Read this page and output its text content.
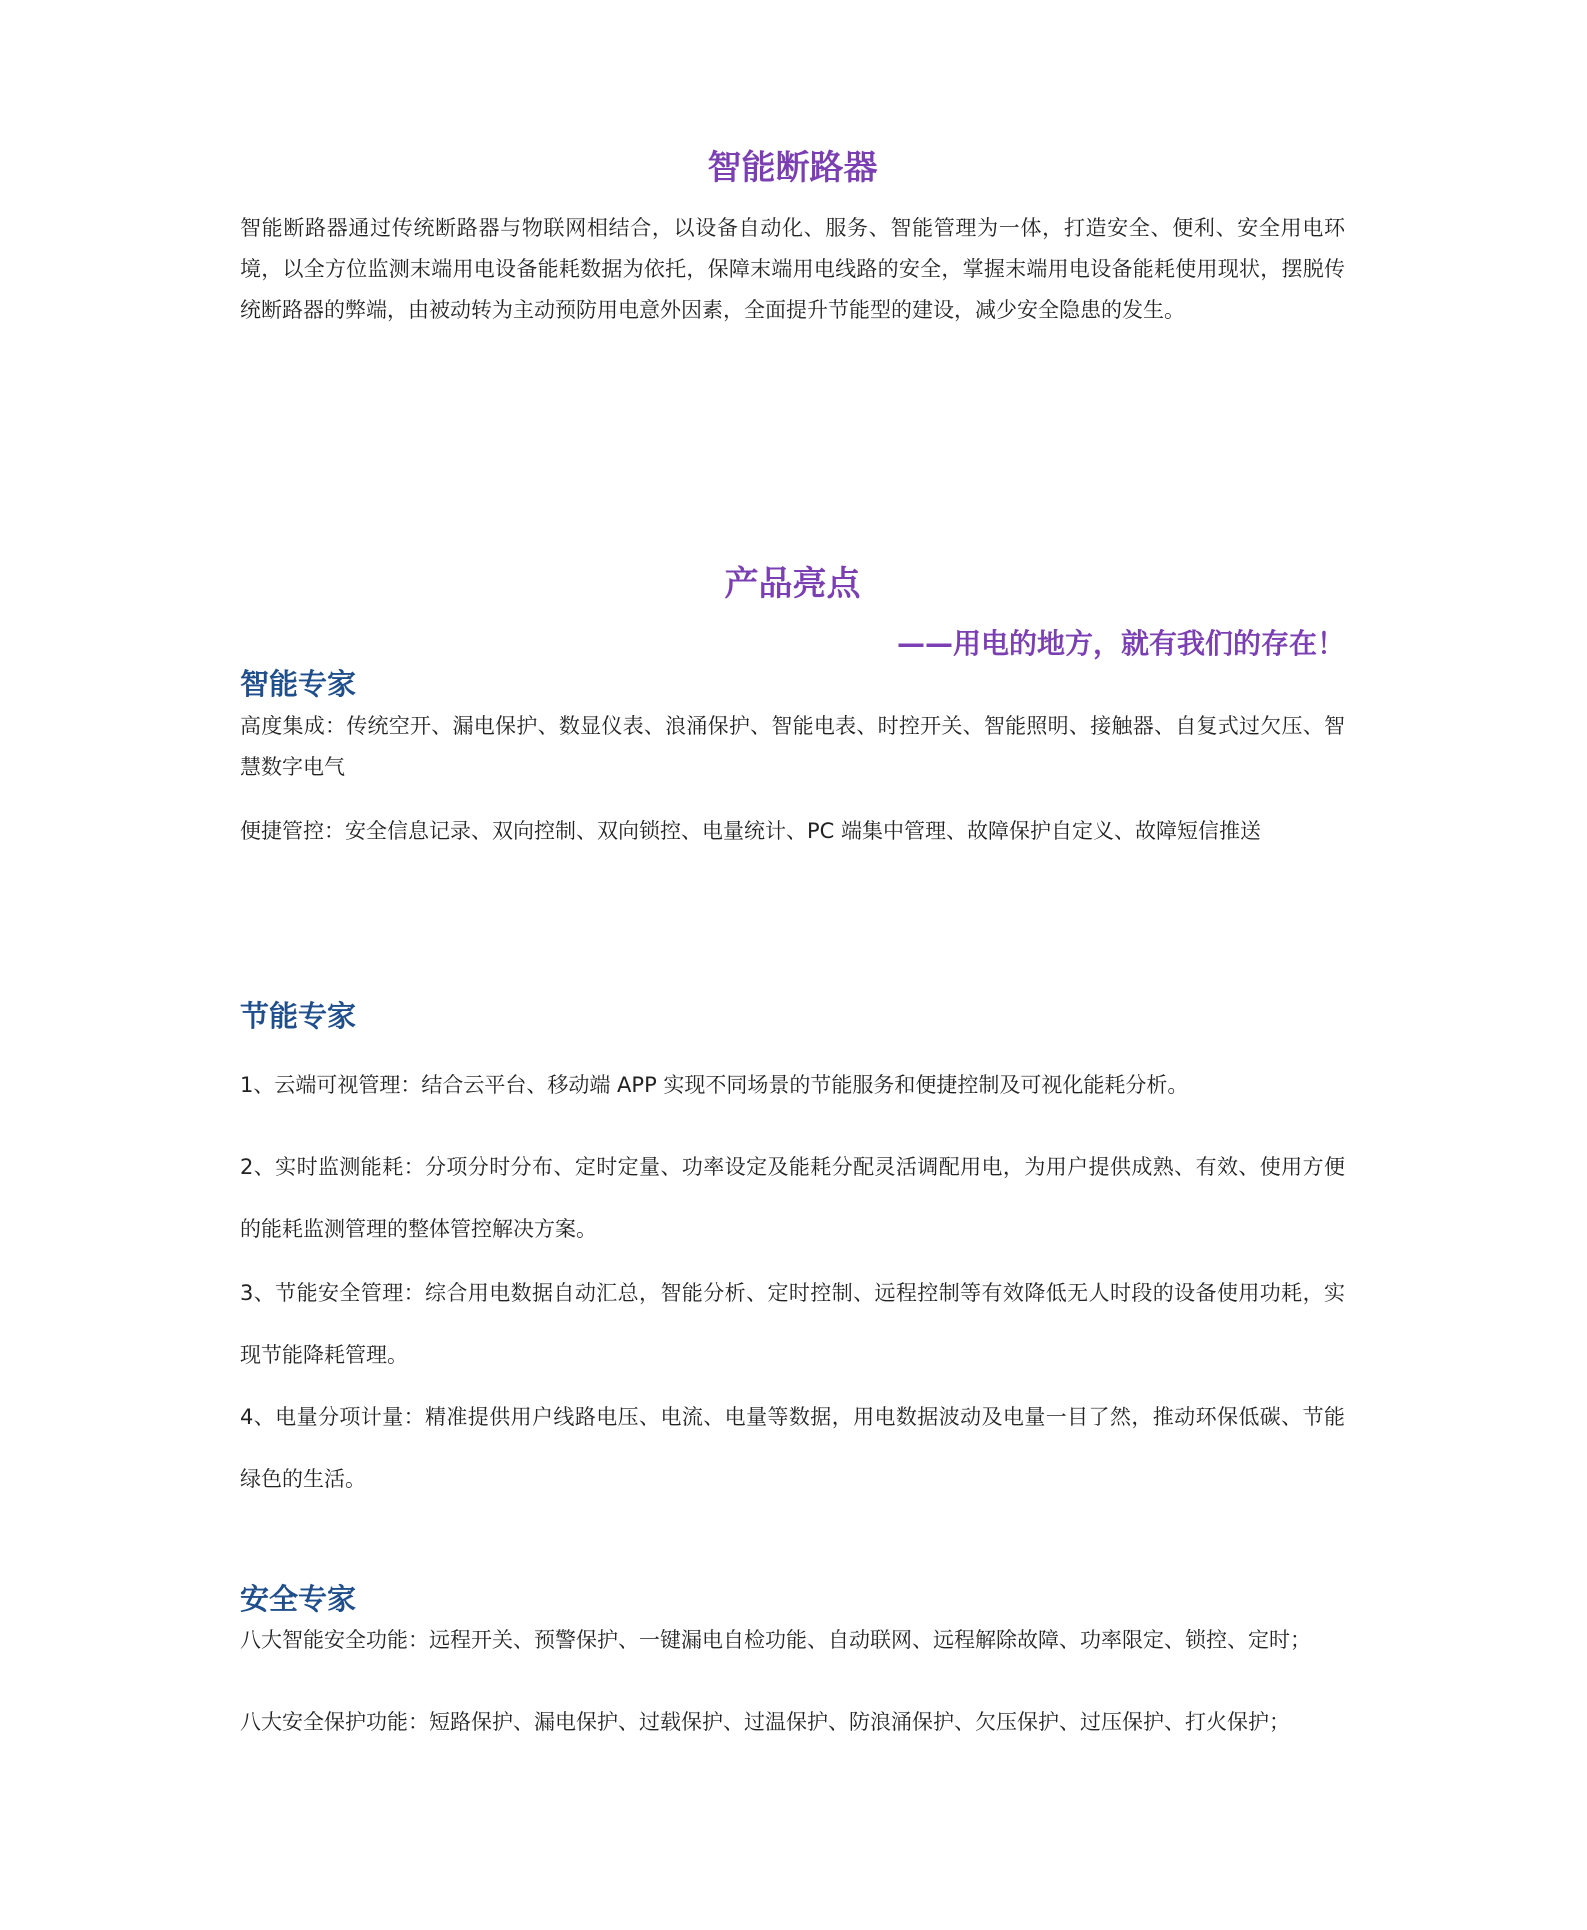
智能断路器

智能断路器通过传统断路器与物联网相结合，以设备自动化、服务、智能管理为一体，打造安全、便利、安全用电环境，以全方位监测末端用电设备能耗数据为依托，保障末端用电线路的安全，掌握末端用电设备能耗使用现状，摆脱传统断路器的弊端，由被动转为主动预防用电意外因素，全面提升节能型的建设，减少安全隐患的发生。

产品亮点

——用电的地方，就有我们的存在！

智能专家

高度集成：传统空开、漏电保护、数显仪表、浪涌保护、智能电表、时控开关、智能照明、接触器、自复式过欠压、智慧数字电气

便捷管控：安全信息记录、双向控制、双向锁控、电量统计、PC 端集中管理、故障保护自定义、故障短信推送

节能专家

1、云端可视管理：结合云平台、移动端 APP 实现不同场景的节能服务和便捷控制及可视化能耗分析。

2、实时监测能耗：分项分时分布、定时定量、功率设定及能耗分配灵活调配用电，为用户提供成熟、有效、使用方便的能耗监测管理的整体管控解决方案。

3、节能安全管理：综合用电数据自动汇总，智能分析、定时控制、远程控制等有效降低无人时段的设备使用功耗，实现节能降耗管理。

4、电量分项计量：精准提供用户线路电压、电流、电量等数据，用电数据波动及电量一目了然，推动环保低碳、节能绿色的生活。

安全专家

八大智能安全功能：远程开关、预警保护、一键漏电自检功能、自动联网、远程解除故障、功率限定、锁控、定时；

八大安全保护功能：短路保护、漏电保护、过载保护、过温保护、防浪涌保护、欠压保护、过压保护、打火保护；
